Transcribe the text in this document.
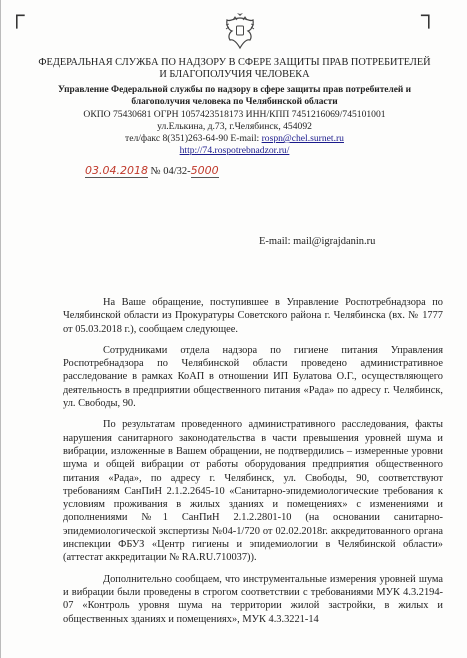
┌	┐
ФЕДЕРАЛЬНАЯ СЛУЖБА ПО НАДЗОРУ В СФЕРЕ ЗАЩИТЫ ПРАВ ПОТРЕБИТЕЛЕЙ
И БЛАГОПОЛУЧИЯ ЧЕЛОВЕКА
Управление Федеральной службы по надзору в сфере защиты прав потребителей и
благополучия человека по Челябинской области
ОКПО 75430681 ОГРН 1057423518173 ИНН/КПП 7451216069/745101001
ул.Елькина, д.73, г.Челябинск, 454092
тел/факс 8(351)263-64-90 E-mail: rospn@chel.surnet.ru
http://74.rospotrebnadzor.ru/
03.04.2018 № 04/32-5000
E-mail: mail@igrajdanin.ru

На Ваше обращение, поступившее в Управление Роспотребнадзора по Челябинской области из Прокуратуры Советского района г. Челябинска (вх. № 1777 от 05.03.2018 г.), сообщаем следующее.

Сотрудниками отдела надзора по гигиене питания Управления Роспотребнадзора по Челябинской области проведено административное расследование в рамках КоАП в отношении ИП Булатова О.Г., осуществляющего деятельность в предприятии общественного питания «Рада» по адресу г. Челябинск, ул. Свободы, 90.

По результатам проведенного административного расследования, факты нарушения санитарного законодательства в части превышения уровней шума и вибрации, изложенные в Вашем обращении, не подтвердились – измеренные уровни шума и общей вибрации от работы оборудования предприятия общественного питания «Рада», по адресу г. Челябинск, ул. Свободы, 90, соответствуют требованиям СанПиН 2.1.2.2645-10 «Санитарно-эпидемиологические требования к условиям проживания в жилых зданиях и помещениях» с изменениями и дополнениями №1 СанПиН 2.1.2.2801-10 (на основании санитарно-эпидемиологической экспертизы №04-1/720 от 02.02.2018г. аккредитованного органа инспекции ФБУЗ «Центр гигиены и эпидемиологии в Челябинской области» (аттестат аккредитации № RA.RU.710037)).

Дополнительно сообщаем, что инструментальные измерения уровней шума и вибрации были проведены в строгом соответствии с требованиями МУК 4.3.2194-07 «Контроль уровня шума на территории жилой застройки, в жилых и общественных зданиях и помещениях», МУК 4.3.3221-14
